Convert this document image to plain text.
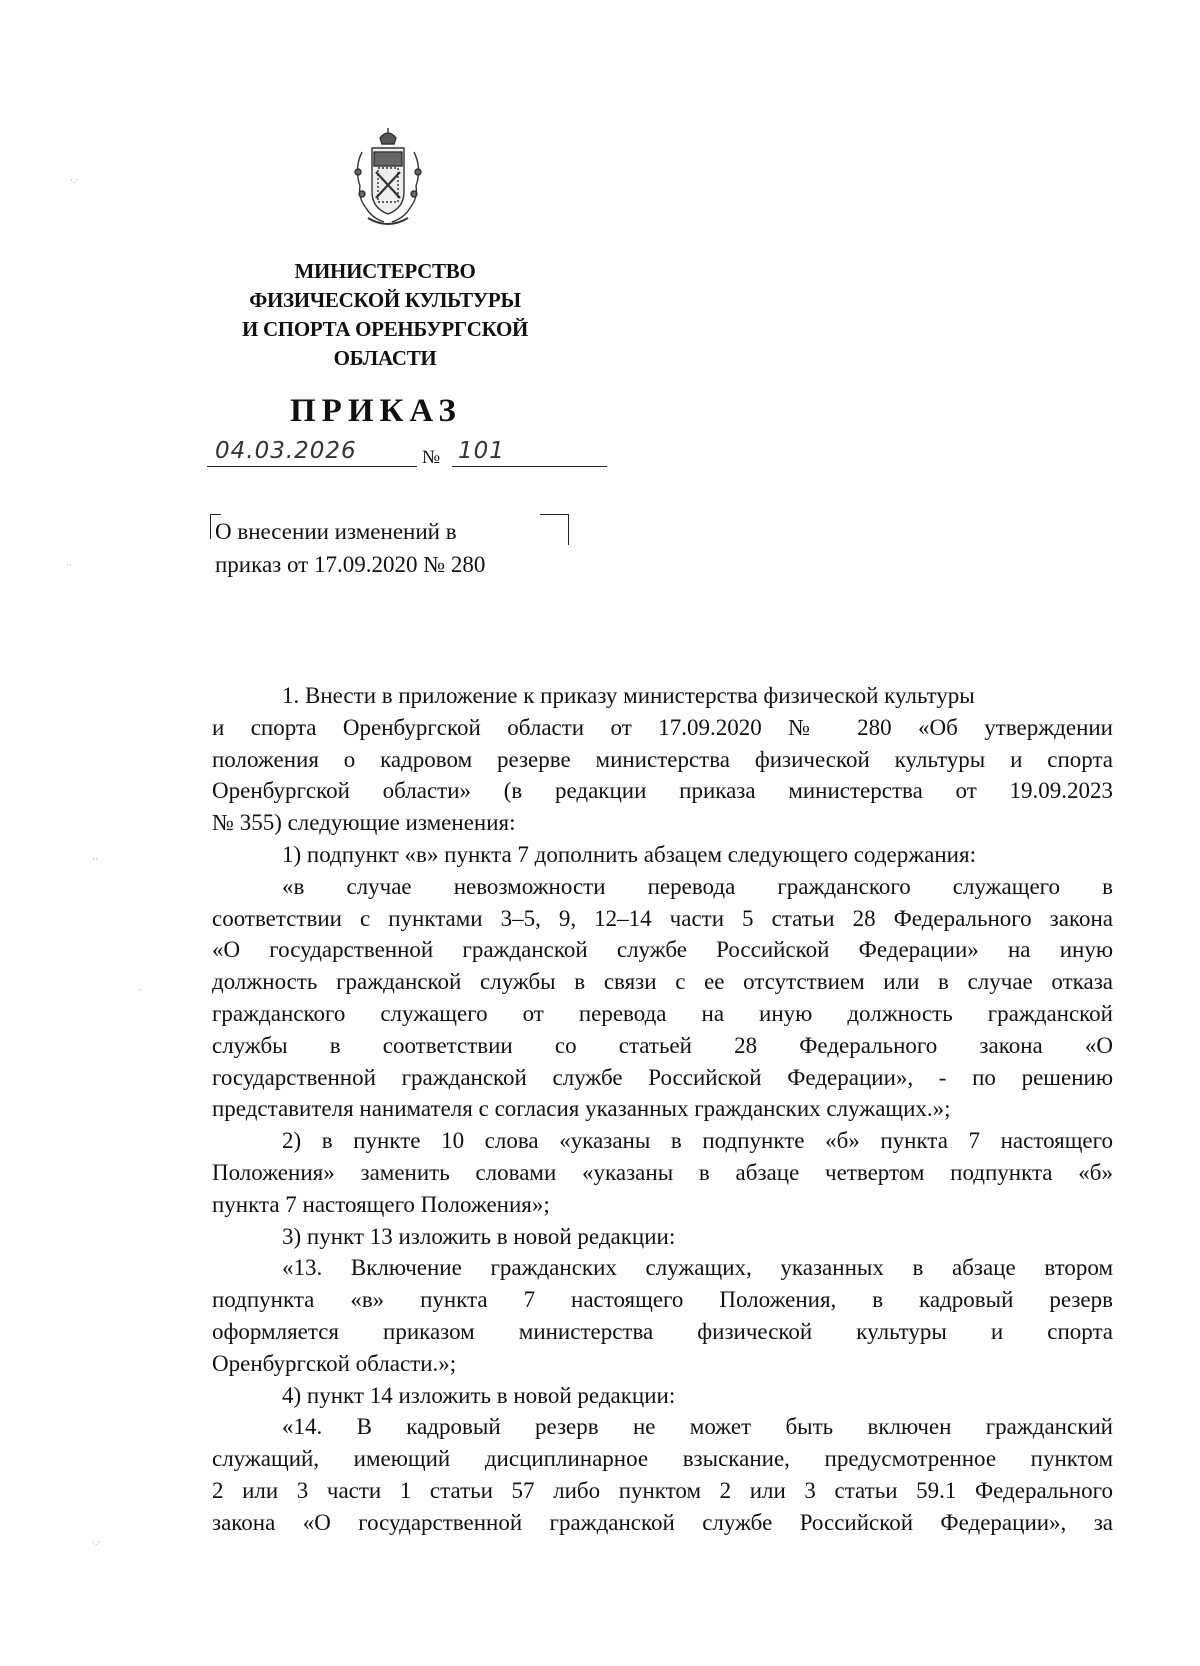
МИНИСТЕРСТВО
ФИЗИЧЕСКОЙ КУЛЬТУРЫ
И СПОРТА ОРЕНБУРГСКОЙ
ОБЛАСТИ
ПРИКАЗ
04.03.2026	№ 101
О внесении изменений в
приказ от 17.09.2020 № 280
1. Внести в приложение к приказу министерства физической культуры
и спорта Оренбургской области от 17.09.2020 № 280 «Об утверждении
положения о кадровом резерве министерства физической культуры и спорта
Оренбургской области» (в редакции приказа министерства от 19.09.2023
№ 355) следующие изменения:
1) подпункт «в» пункта 7 дополнить абзацем следующего содержания:
«в случае невозможности перевода гражданского служащего в
соответствии с пунктами 3–5, 9, 12–14 части 5 статьи 28 Федерального закона
«О государственной гражданской службе Российской Федерации» на иную
должность гражданской службы в связи с ее отсутствием или в случае отказа
гражданского служащего от перевода на иную должность гражданской
службы в соответствии со статьей 28 Федерального закона «О
государственной гражданской службе Российской Федерации», - по решению
представителя нанимателя с согласия указанных гражданских служащих.»;
2) в пункте 10 слова «указаны в подпункте «б» пункта 7 настоящего
Положения» заменить словами «указаны в абзаце четвертом подпункта «б»
пункта 7 настоящего Положения»;
3) пункт 13 изложить в новой редакции:
«13. Включение гражданских служащих, указанных в абзаце втором
подпункта «в» пункта 7 настоящего Положения, в кадровый резерв
оформляется приказом министерства физической культуры и спорта
Оренбургской области.»;
4) пункт 14 изложить в новой редакции:
«14. В кадровый резерв не может быть включен гражданский
служащий, имеющий дисциплинарное взыскание, предусмотренное пунктом
2 или 3 части 1 статьи 57 либо пунктом 2 или 3 статьи 59.1 Федерального
закона «О государственной гражданской службе Российской Федерации», за
·.·
··
··
·
·.·
